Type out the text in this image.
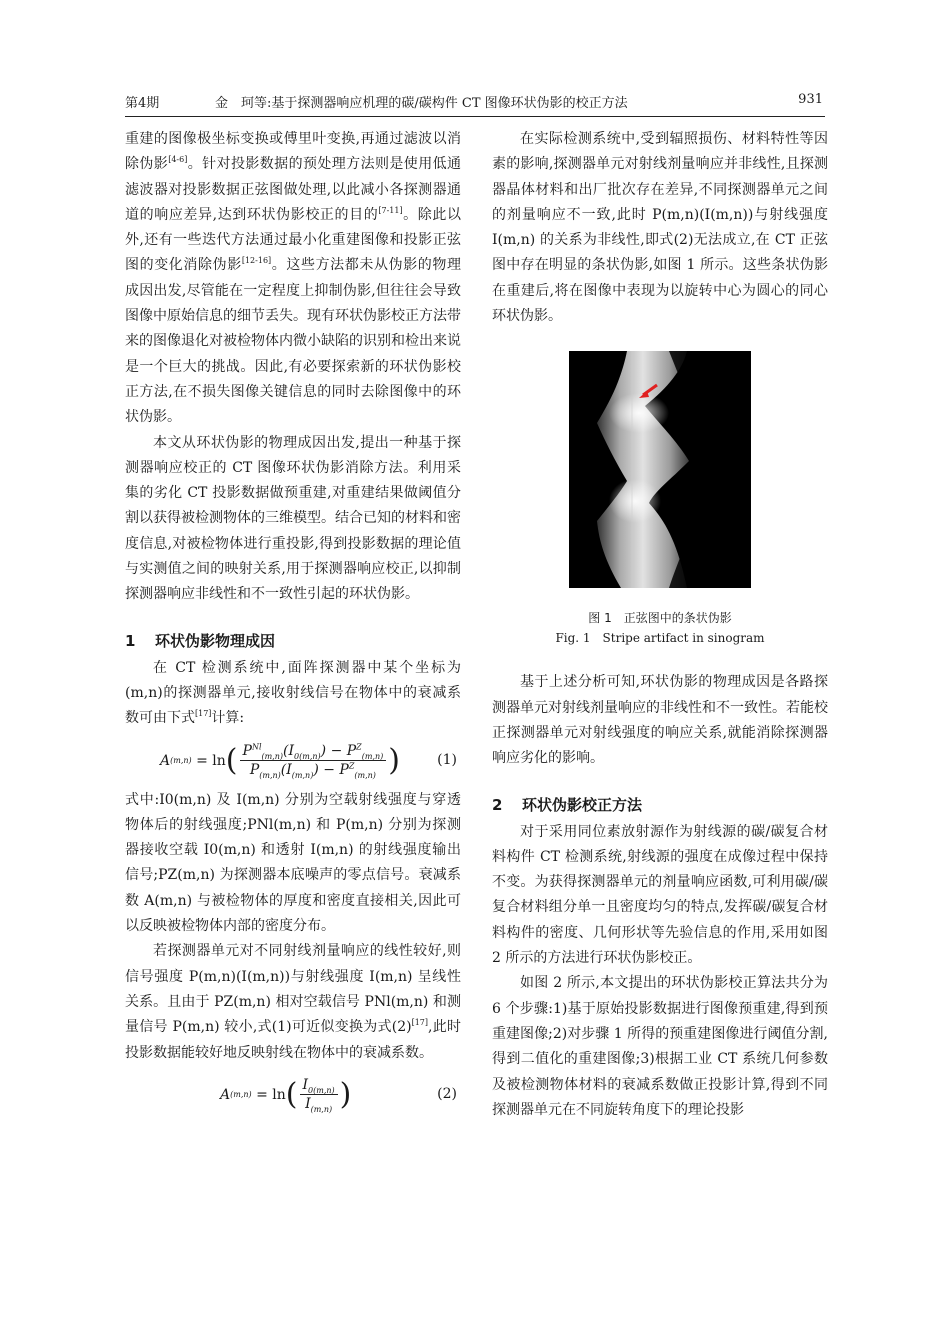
第4期	金　珂等:基于探测器响应机理的碳/碳构件 CT 图像环状伪影的校正方法	931

重建的图像极坐标变换或傅里叶变换,再通过滤波以消除伪影[4-6]。针对投影数据的预处理方法则是使用低通滤波器对投影数据正弦图做处理,以此减小各探测器通道的响应差异,达到环状伪影校正的目的[7-11]。除此以外,还有一些迭代方法通过最小化重建图像和投影正弦图的变化消除伪影[12-16]。这些方法都未从伪影的物理成因出发,尽管能在一定程度上抑制伪影,但往往会导致图像中原始信息的细节丢失。现有环状伪影校正方法带来的图像退化对被检物体内微小缺陷的识别和检出来说是一个巨大的挑战。因此,有必要探索新的环状伪影校正方法,在不损失图像关键信息的同时去除图像中的环状伪影。

本文从环状伪影的物理成因出发,提出一种基于探测器响应校正的 CT 图像环状伪影消除方法。利用采集的劣化 CT 投影数据做预重建,对重建结果做阈值分割以获得被检测物体的三维模型。结合已知的材料和密度信息,对被检物体进行重投影,得到投影数据的理论值与实测值之间的映射关系,用于探测器响应校正,以抑制探测器响应非线性和不一致性引起的环状伪影。

1 环状伪影物理成因

在 CT 检测系统中,面阵探测器中某个坐标为(m,n)的探测器单元,接收射线信号在物体中的衰减系数可由下式[17]计算:

A (m,n) = ln ( $\frac{P^{Nl}_{(m,n)}(I_{0(m,n)}) - P^Z_{(m,n)}}{P_{(m,n)}(I_{(m,n)}) - P^Z_{(m,n)}}$ )	(1)

式中:I0(m,n) 及 I(m,n) 分别为空载射线强度与穿透物体后的射线强度;PNl(m,n) 和 P(m,n) 分别为探测器接收空载 I0(m,n) 和透射 I(m,n) 的射线强度输出信号;PZ(m,n) 为探测器本底噪声的零点信号。衰减系数 A(m,n) 与被检物体的厚度和密度直接相关,因此可以反映被检物体内部的密度分布。

若探测器单元对不同射线剂量响应的线性较好,则信号强度 P(m,n)(I(m,n))与射线强度 I(m,n) 呈线性关系。且由于 PZ(m,n) 相对空载信号 PNl(m,n) 和测量信号 P(m,n) 较小,式(1)可近似变换为式(2)[17],此时投影数据能较好地反映射线在物体中的衰减系数。

A (m,n) = ln ( $\frac{I_{0(m,n)}}{I_{(m,n)}}$ )	(2)

在实际检测系统中,受到辐照损伤、材料特性等因素的影响,探测器单元对射线剂量响应并非线性,且探测器晶体材料和出厂批次存在差异,不同探测器单元之间的剂量响应不一致,此时 P(m,n)(I(m,n))与射线强度 I(m,n) 的关系为非线性,即式(2)无法成立,在 CT 正弦图中存在明显的条状伪影,如图 1 所示。这些条状伪影在重建后,将在图像中表现为以旋转中心为圆心的同心环状伪影。

图 1　正弦图中的条状伪影
Fig. 1　Stripe artifact in sinogram

基于上述分析可知,环状伪影的物理成因是各路探测器单元对射线剂量响应的非线性和不一致性。若能校正探测器单元对射线强度的响应关系,就能消除探测器响应劣化的影响。

2 环状伪影校正方法

对于采用同位素放射源作为射线源的碳/碳复合材料构件 CT 检测系统,射线源的强度在成像过程中保持不变。为获得探测器单元的剂量响应函数,可利用碳/碳复合材料组分单一且密度均匀的特点,发挥碳/碳复合材料构件的密度、几何形状等先验信息的作用,采用如图 2 所示的方法进行环状伪影校正。

如图 2 所示,本文提出的环状伪影校正算法共分为 6 个步骤:1)基于原始投影数据进行图像预重建,得到预重建图像;2)对步骤 1 所得的预重建图像进行阈值分割,得到二值化的重建图像;3)根据工业 CT 系统几何参数及被检测物体材料的衰减系数做正投影计算,得到不同探测器单元在不同旋转角度下的理论投影
